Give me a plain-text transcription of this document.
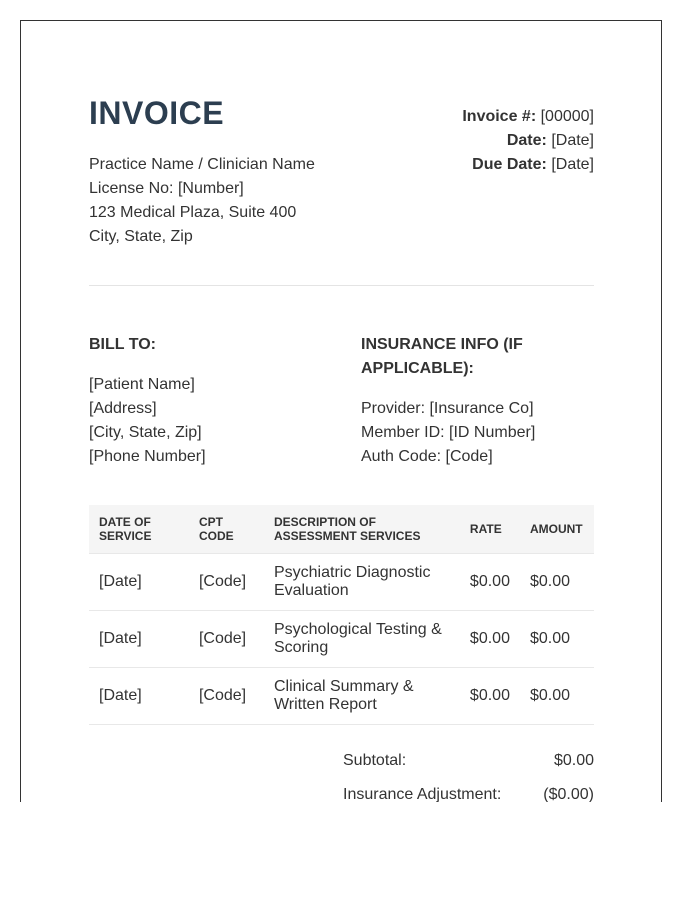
INVOICE	Invoice #: [00000]
Date: [Date]
Due Date: [Date]
Practice Name / Clinician Name
License No: [Number]
123 Medical Plaza, Suite 400
City, State, Zip
BILL TO:
[Patient Name]
[Address]
[City, State, Zip]
[Phone Number]
INSURANCE INFO (IF APPLICABLE):
Provider: [Insurance Co]
Member ID: [ID Number]
Auth Code: [Code]
DATE OF SERVICE	CPT CODE	DESCRIPTION OF ASSESSMENT SERVICES	RATE	AMOUNT
[Date]	[Code]	Psychiatric Diagnostic Evaluation	$0.00	$0.00
[Date]	[Code]	Psychological Testing & Scoring	$0.00	$0.00
[Date]	[Code]	Clinical Summary & Written Report	$0.00	$0.00
Subtotal:	$0.00
Insurance Adjustment:	($0.00)
